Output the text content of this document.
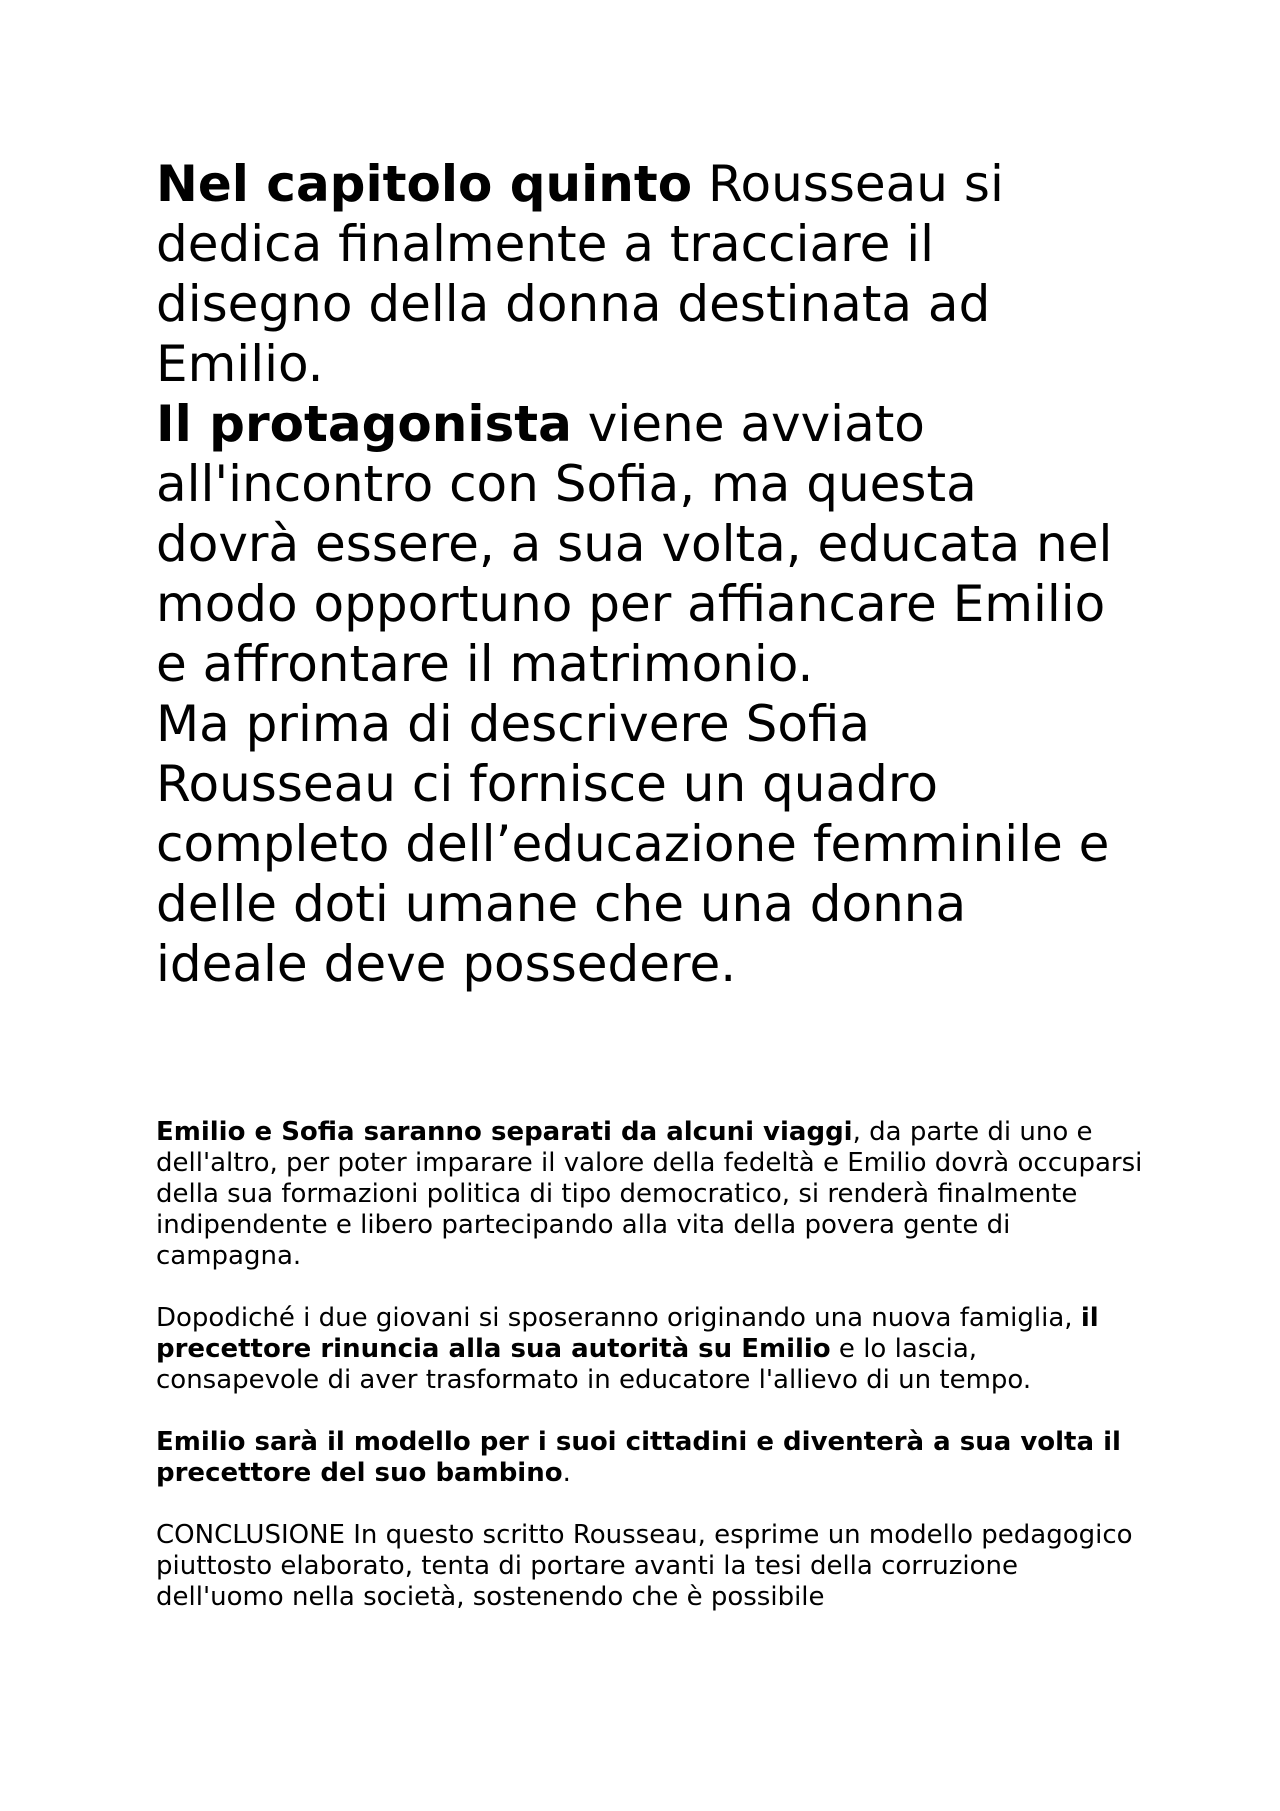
Nel capitolo quinto Rousseau si dedica finalmente a tracciare il disegno della donna destinata ad Emilio.

Il protagonista viene avviato all'incontro con Sofia, ma questa dovrà essere, a sua volta, educata nel modo opportuno per affiancare Emilio e affrontare il matrimonio.

Ma prima di descrivere Sofia Rousseau ci fornisce un quadro completo dell’educazione femminile e delle doti umane che una donna ideale deve possedere.

Emilio e Sofia saranno separati da alcuni viaggi, da parte di uno e dell'altro, per poter imparare il valore della fedeltà e Emilio dovrà occuparsi della sua formazioni politica di tipo democratico, si renderà finalmente indipendente e libero partecipando alla vita della povera gente di campagna.

Dopodiché i due giovani si sposeranno originando una nuova famiglia, il precettore rinuncia alla sua autorità su Emilio e lo lascia, consapevole di aver trasformato in educatore l'allievo di un tempo.

Emilio sarà il modello per i suoi cittadini e diventerà a sua volta il precettore del suo bambino.

CONCLUSIONE In questo scritto Rousseau, esprime un modello pedagogico piuttosto elaborato, tenta di portare avanti la tesi della corruzione dell'uomo nella società, sostenendo che è possibile
